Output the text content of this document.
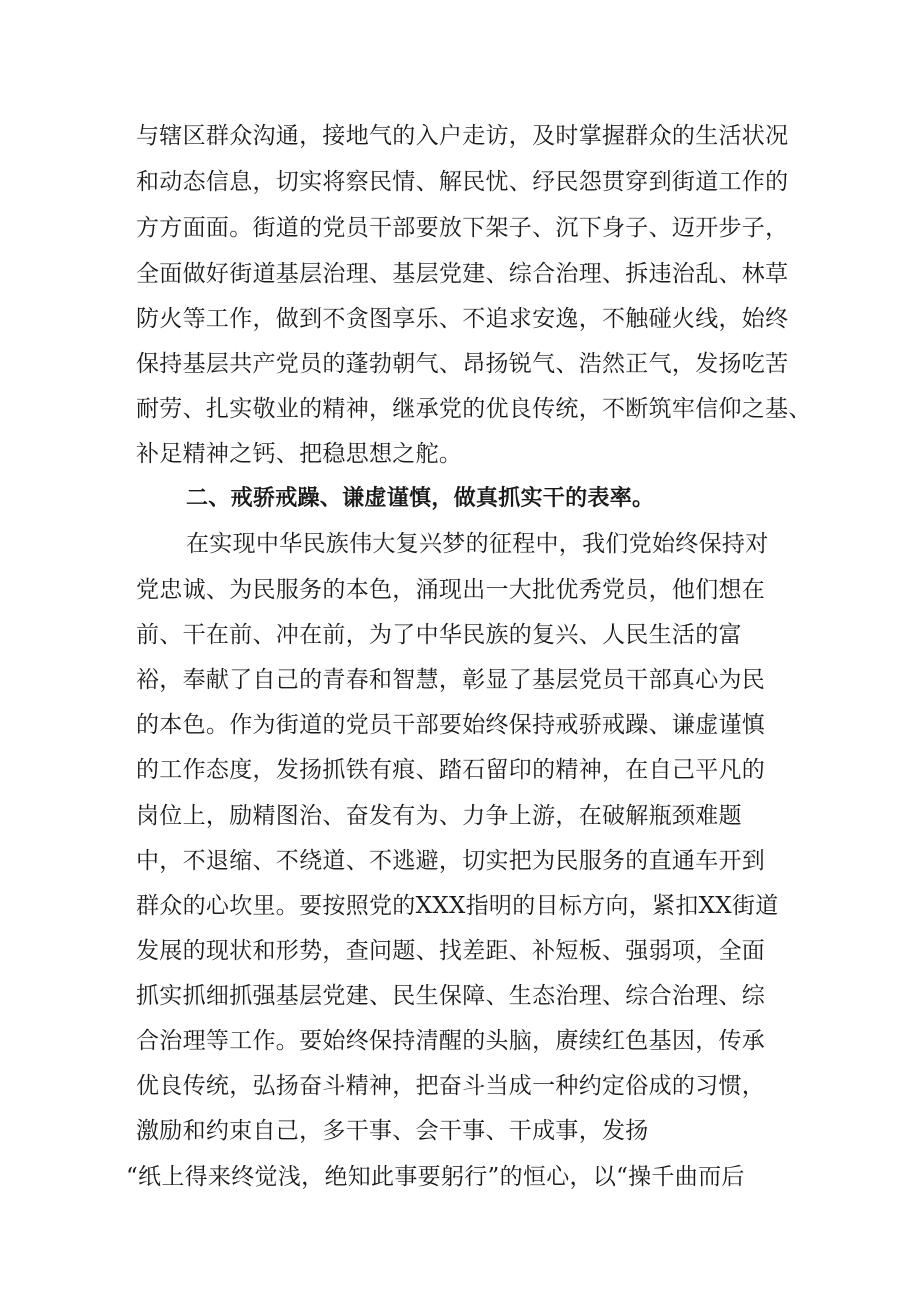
与辖区群众沟通，接地气的入户走访，及时掌握群众的生活状况
和动态信息，切实将察民情、解民忧、纾民怨贯穿到街道工作的
方方面面。街道的党员干部要放下架子、沉下身子、迈开步子，
全面做好街道基层治理、基层党建、综合治理、拆违治乱、林草
防火等工作，做到不贪图享乐、不追求安逸，不触碰火线，始终
保持基层共产党员的蓬勃朝气、昂扬锐气、浩然正气，发扬吃苦
耐劳、扎实敬业的精神，继承党的优良传统，不断筑牢信仰之基、
补足精神之钙、把稳思想之舵。
二、戒骄戒躁、谦虚谨慎，做真抓实干的表率。
在实现中华民族伟大复兴梦的征程中，我们党始终保持对
党忠诚、为民服务的本色，涌现出一大批优秀党员，他们想在
前、干在前、冲在前，为了中华民族的复兴、人民生活的富
裕，奉献了自己的青春和智慧，彰显了基层党员干部真心为民
的本色。作为街道的党员干部要始终保持戒骄戒躁、谦虚谨慎
的工作态度，发扬抓铁有痕、踏石留印的精神，在自己平凡的
岗位上，励精图治、奋发有为、力争上游，在破解瓶颈难题
中，不退缩、不绕道、不逃避，切实把为民服务的直通车开到
群众的心坎里。要按照党的XXX指明的目标方向，紧扣XX街道
发展的现状和形势，查问题、找差距、补短板、强弱项，全面
抓实抓细抓强基层党建、民生保障、生态治理、综合治理、综
合治理等工作。要始终保持清醒的头脑，赓续红色基因，传承
优良传统，弘扬奋斗精神，把奋斗当成一种约定俗成的习惯，
激励和约束自己，多干事、会干事、干成事，发扬
“纸上得来终觉浅，绝知此事要躬行”的恒心，以“操千曲而后
